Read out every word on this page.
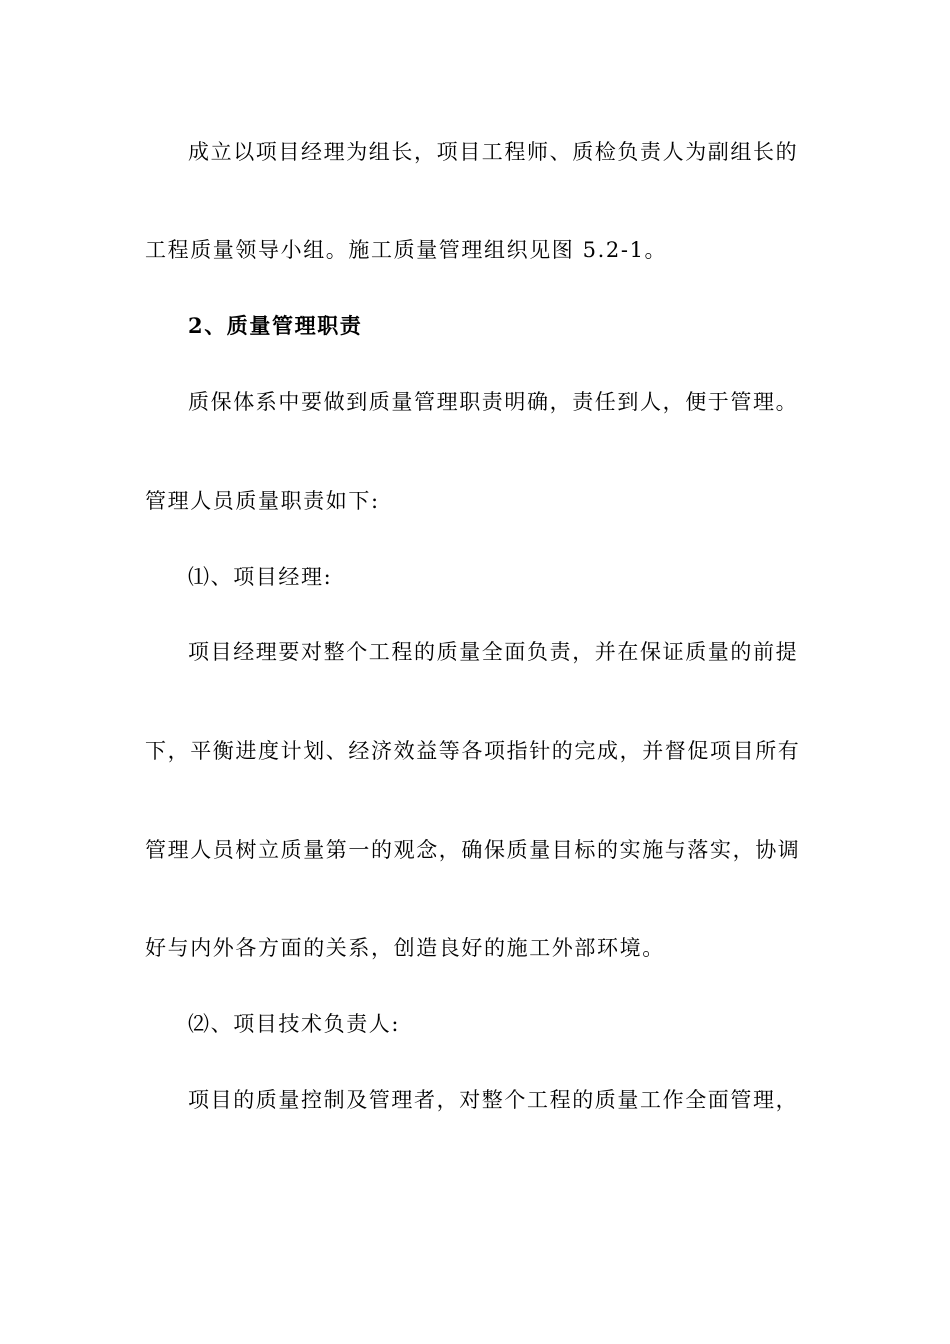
成立以项目经理为组长，项目工程师、质检负责人为副组长的

工程质量领导小组。施工质量管理组织见图 5.2-1。

2、质量管理职责

质保体系中要做到质量管理职责明确，责任到人，便于管理。

管理人员质量职责如下:

⑴、项目经理:

项目经理要对整个工程的质量全面负责，并在保证质量的前提

下，平衡进度计划、经济效益等各项指针的完成，并督促项目所有

管理人员树立质量第一的观念，确保质量目标的实施与落实，协调

好与内外各方面的关系，创造良好的施工外部环境。

⑵、项目技术负责人:

项目的质量控制及管理者，对整个工程的质量工作全面管理，
